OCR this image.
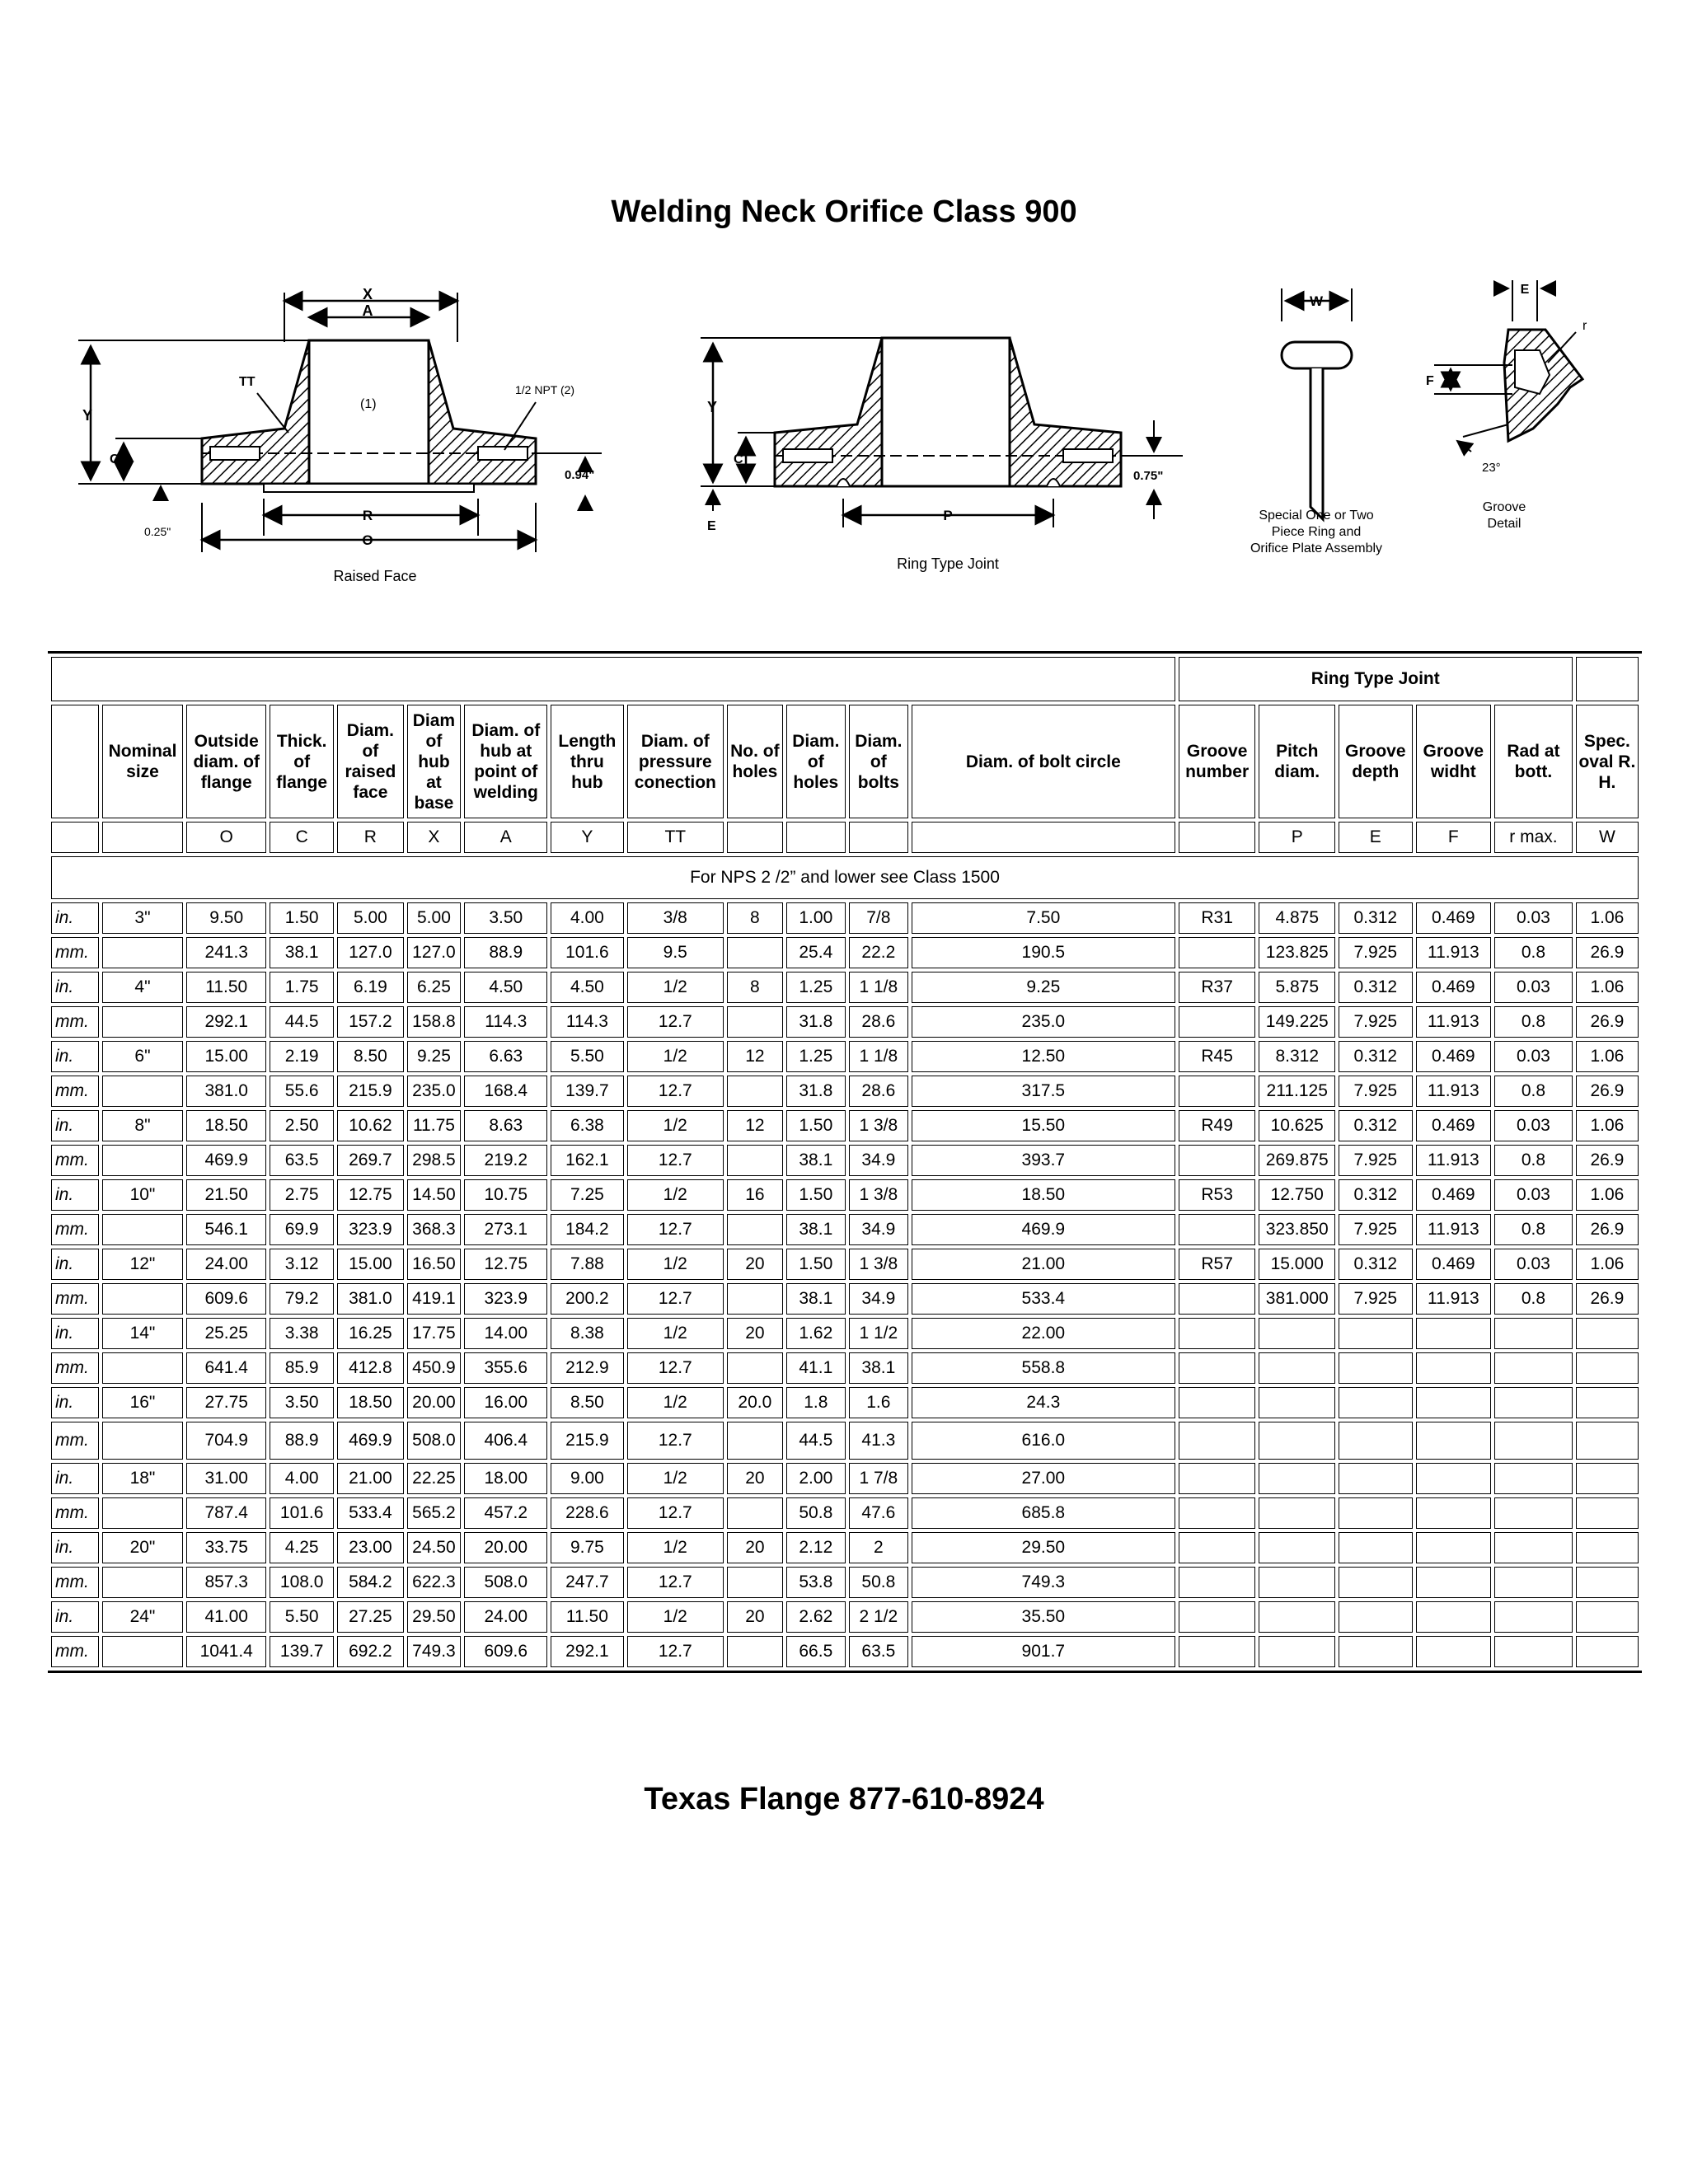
Welding Neck Orifice Class 900
X
A
TT
(1)
1/2 NPT (2)
Y
C
0.94"
0.25"
R
O
Raised Face
Y
C
E
P
0.75"
Ring Type Joint
W
Special One or Two
Piece Ring and
Orifice Plate Assembly
E
r
F
23°
Groove
Detail
													Ring Type Joint					
	Nominal size	Outside diam. of flange	Thick. of flange	Diam. of raised face	Diam of hub at base	Diam. of hub at point of welding	Length thru hub	Diam. of pressure conection	No. of holes	Diam. of holes	Diam. of bolts	Diam. of bolt circle	Groove number	Pitch diam.	Groove depth	Groove widht	Rad at bott.	Spec. oval R. H.
		O	C	R	X	A	Y	TT						P	E	F	r max.	W
For NPS 2 /2” and lower see Class 1500																		
in.	3"	9.50	1.50	5.00	5.00	3.50	4.00	3/8	8	1.00	7/8	7.50	R31	4.875	0.312	0.469	0.03	1.06
mm.		241.3	38.1	127.0	127.0	88.9	101.6	9.5		25.4	22.2	190.5		123.825	7.925	11.913	0.8	26.9
in.	4"	11.50	1.75	6.19	6.25	4.50	4.50	1/2	8	1.25	1 1/8	9.25	R37	5.875	0.312	0.469	0.03	1.06
mm.		292.1	44.5	157.2	158.8	114.3	114.3	12.7		31.8	28.6	235.0		149.225	7.925	11.913	0.8	26.9
in.	6"	15.00	2.19	8.50	9.25	6.63	5.50	1/2	12	1.25	1 1/8	12.50	R45	8.312	0.312	0.469	0.03	1.06
mm.		381.0	55.6	215.9	235.0	168.4	139.7	12.7		31.8	28.6	317.5		211.125	7.925	11.913	0.8	26.9
in.	8"	18.50	2.50	10.62	11.75	8.63	6.38	1/2	12	1.50	1 3/8	15.50	R49	10.625	0.312	0.469	0.03	1.06
mm.		469.9	63.5	269.7	298.5	219.2	162.1	12.7		38.1	34.9	393.7		269.875	7.925	11.913	0.8	26.9
in.	10"	21.50	2.75	12.75	14.50	10.75	7.25	1/2	16	1.50	1 3/8	18.50	R53	12.750	0.312	0.469	0.03	1.06
mm.		546.1	69.9	323.9	368.3	273.1	184.2	12.7		38.1	34.9	469.9		323.850	7.925	11.913	0.8	26.9
in.	12"	24.00	3.12	15.00	16.50	12.75	7.88	1/2	20	1.50	1 3/8	21.00	R57	15.000	0.312	0.469	0.03	1.06
mm.		609.6	79.2	381.0	419.1	323.9	200.2	12.7		38.1	34.9	533.4		381.000	7.925	11.913	0.8	26.9
in.	14"	25.25	3.38	16.25	17.75	14.00	8.38	1/2	20	1.62	1 1/2	22.00						
mm.		641.4	85.9	412.8	450.9	355.6	212.9	12.7		41.1	38.1	558.8						
in.	16"	27.75	3.50	18.50	20.00	16.00	8.50	1/2	20.0	1.8	1.6	24.3						
mm.		704.9	88.9	469.9	508.0	406.4	215.9	12.7		44.5	41.3	616.0						
in.	18"	31.00	4.00	21.00	22.25	18.00	9.00	1/2	20	2.00	1 7/8	27.00						
mm.		787.4	101.6	533.4	565.2	457.2	228.6	12.7		50.8	47.6	685.8						
in.	20"	33.75	4.25	23.00	24.50	20.00	9.75	1/2	20	2.12	2	29.50						
mm.		857.3	108.0	584.2	622.3	508.0	247.7	12.7		53.8	50.8	749.3						
in.	24"	41.00	5.50	27.25	29.50	24.00	11.50	1/2	20	2.62	2 1/2	35.50						
mm.		1041.4	139.7	692.2	749.3	609.6	292.1	12.7		66.5	63.5	901.7						
Texas Flange 877-610-8924
